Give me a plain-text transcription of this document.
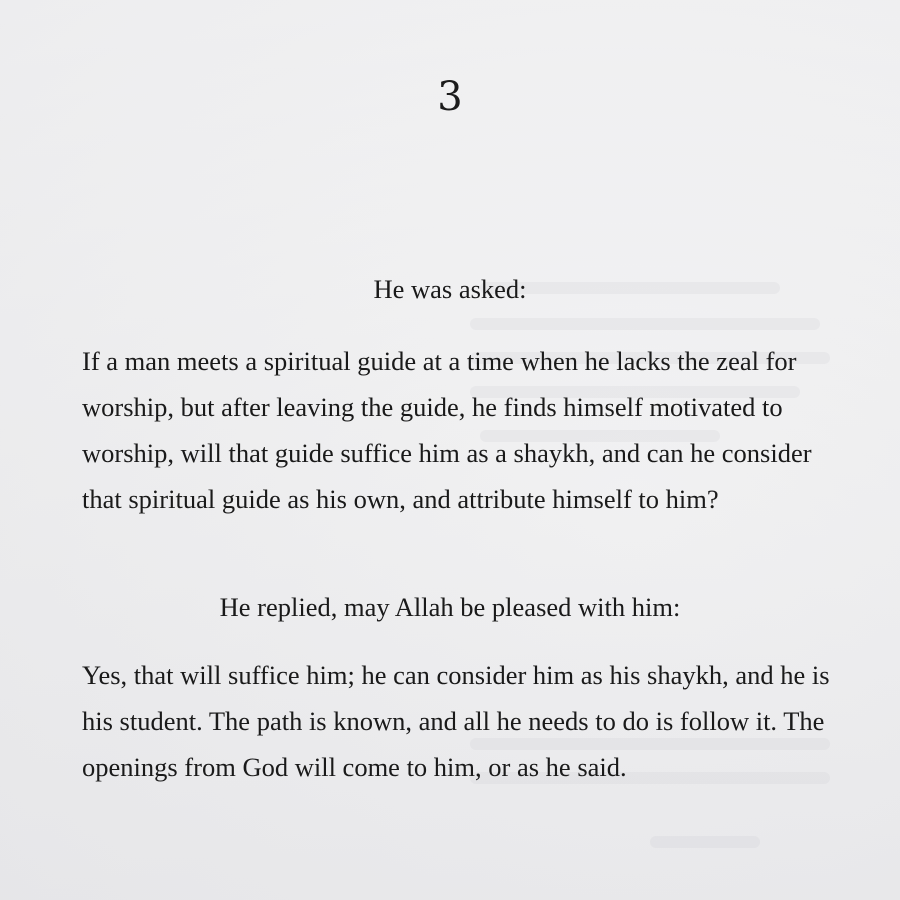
3

He was asked:

If a man meets a spiritual guide at a time when he lacks the zeal for worship, but after leaving the guide, he finds himself motivated to worship, will that guide suffice him as a shaykh, and can he consider that spiritual guide as his own, and attribute himself to him?

He replied, may Allah be pleased with him:

Yes, that will suffice him; he can consider him as his shaykh, and he is his student. The path is known, and all he needs to do is follow it. The openings from God will come to him, or as he said.
